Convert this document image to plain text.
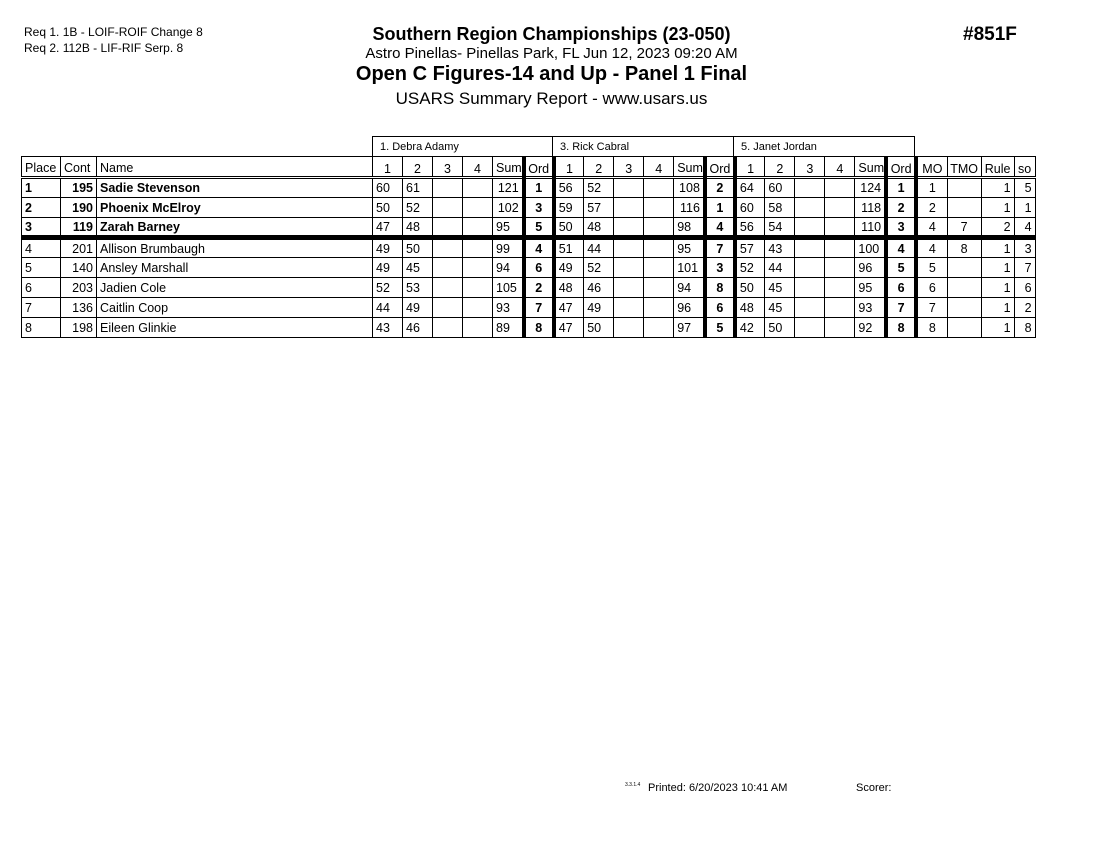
Req 1. 1B - LOIF-ROIF Change 8
Req 2. 112B - LIF-RIF Serp. 8
Southern Region Championships (23-050)
Astro Pinellas- Pinellas Park, FL Jun 12, 2023 09:20 AM
Open C Figures-14 and Up - Panel 1 Final
USARS Summary Report - www.usars.us
#851F
1. Debra Adamy	3. Rick Cabral	5. Janet Jordan
Place	Cont	Name	1	2	3	4	Sum	Ord	1	2	3	4	Sum	Ord	1	2	3	4	Sum	Ord	MO	TMO	Rule	so
1	195	Sadie Stevenson	60	61			121	1	56	52			108	2	64	60			124	1	1		1	5
2	190	Phoenix McElroy	50	52			102	3	59	57			116	1	60	58			118	2	2		1	1
3	119	Zarah Barney	47	48			95	5	50	48			98	4	56	54			110	3	4	7	2	4
4	201	Allison Brumbaugh	49	50			99	4	51	44			95	7	57	43			100	4	4	8	1	3
5	140	Ansley Marshall	49	45			94	6	49	52			101	3	52	44			96	5	5		1	7
6	203	Jadien Cole	52	53			105	2	48	46			94	8	50	45			95	6	6		1	6
7	136	Caitlin Coop	44	49			93	7	47	49			96	6	48	45			93	7	7		1	2
8	198	Eileen Glinkie	43	46			89	8	47	50			97	5	42	50			92	8	8		1	8
3.3.1.4 Printed: 6/20/2023 10:41 AM	Scorer:
